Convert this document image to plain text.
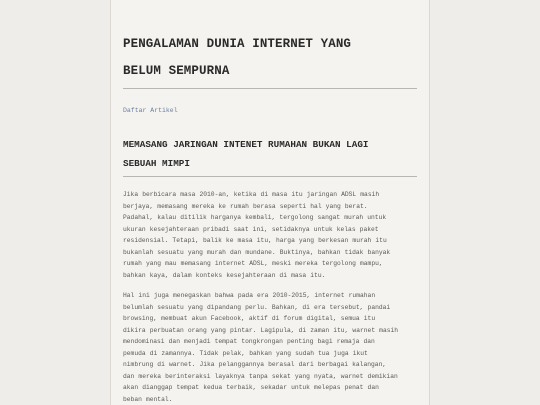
PENGALAMAN DUNIA INTERNET YANG
BELUM SEMPURNA
Daftar Artikel
MEMASANG JARINGAN INTENET RUMAHAN BUKAN LAGI
SEBUAH MIMPI

Jika berbicara masa 2010-an, ketika di masa itu jaringan ADSL masih
berjaya, memasang mereka ke rumah berasa seperti hal yang berat.
Padahal, kalau ditilik harganya kembali, tergolong sangat murah untuk
ukuran kesejahteraan pribadi saat ini, setidaknya untuk kelas paket
residensial. Tetapi, balik ke masa itu, harga yang berkesan murah itu
bukanlah sesuatu yang murah dan mundane. Buktinya, bahkan tidak banyak
rumah yang mau memasang internet ADSL, meski mereka tergolong mampu,
bahkan kaya, dalam konteks kesejahteraan di masa itu.

Hal ini juga menegaskan bahwa pada era 2010-2015, internet rumahan
belumlah sesuatu yang dipandang perlu. Bahkan, di era tersebut, pandai
browsing, membuat akun Facebook, aktif di forum digital, semua itu
dikira perbuatan orang yang pintar. Lagipula, di zaman itu, warnet masih
mendominasi dan menjadi tempat tongkrongan penting bagi remaja dan
pemuda di zamannya. Tidak pelak, bahkan yang sudah tua juga ikut
nimbrung di warnet. Jika pelanggannya berasal dari berbagai kalangan,
dan mereka berinteraksi layaknya tanpa sekat yang nyata, warnet demikian
akan dianggap tempat kedua terbaik, sekadar untuk melepas penat dan
beban mental.
